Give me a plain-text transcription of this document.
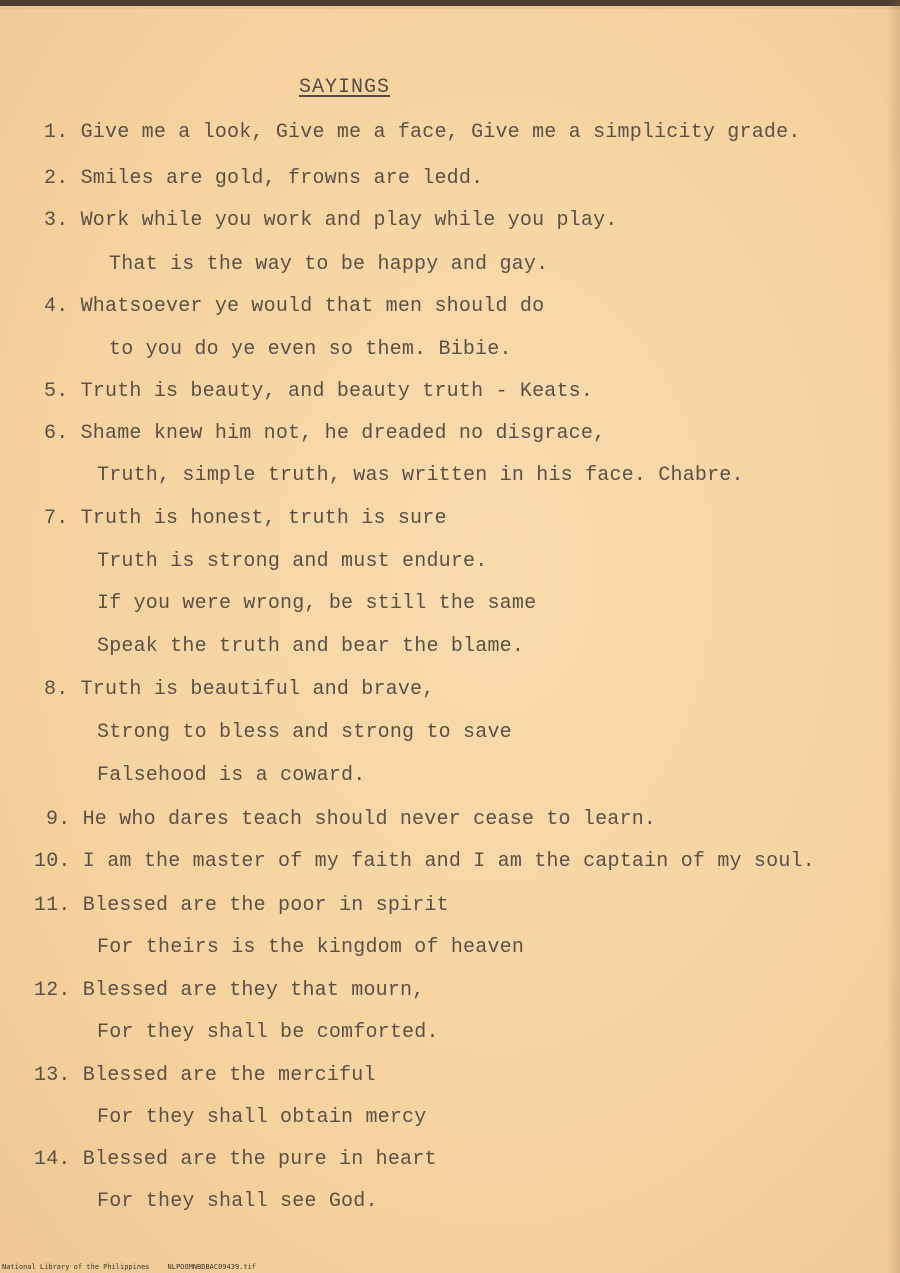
SAYINGS
1. Give me a look, Give me a face, Give me a simplicity grade.
2. Smiles are gold, frowns are ledd.
3. Work while you work and play while you play.
That is the way to be happy and gay.
4. Whatsoever ye would that men should do
to you do ye even so them. Bibie.
5. Truth is beauty, and beauty truth - Keats.
6. Shame knew him not, he dreaded no disgrace,
Truth, simple truth, was written in his face. Chabre.
7. Truth is honest, truth is sure
Truth is strong and must endure.
If you were wrong, be still the same
Speak the truth and bear the blame.
8. Truth is beautiful and brave,
Strong to bless and strong to save
Falsehood is a coward.
9. He who dares teach should never cease to learn.
10. I am the master of my faith and I am the captain of my soul.
11. Blessed are the poor in spirit
For theirs is the kingdom of heaven
12. Blessed are they that mourn,
For they shall be comforted.
13. Blessed are the merciful
For they shall obtain mercy
14. Blessed are the pure in heart
For they shall see God.
National Library of the Philippines	NLPOOMNBDBAC09439.tif
